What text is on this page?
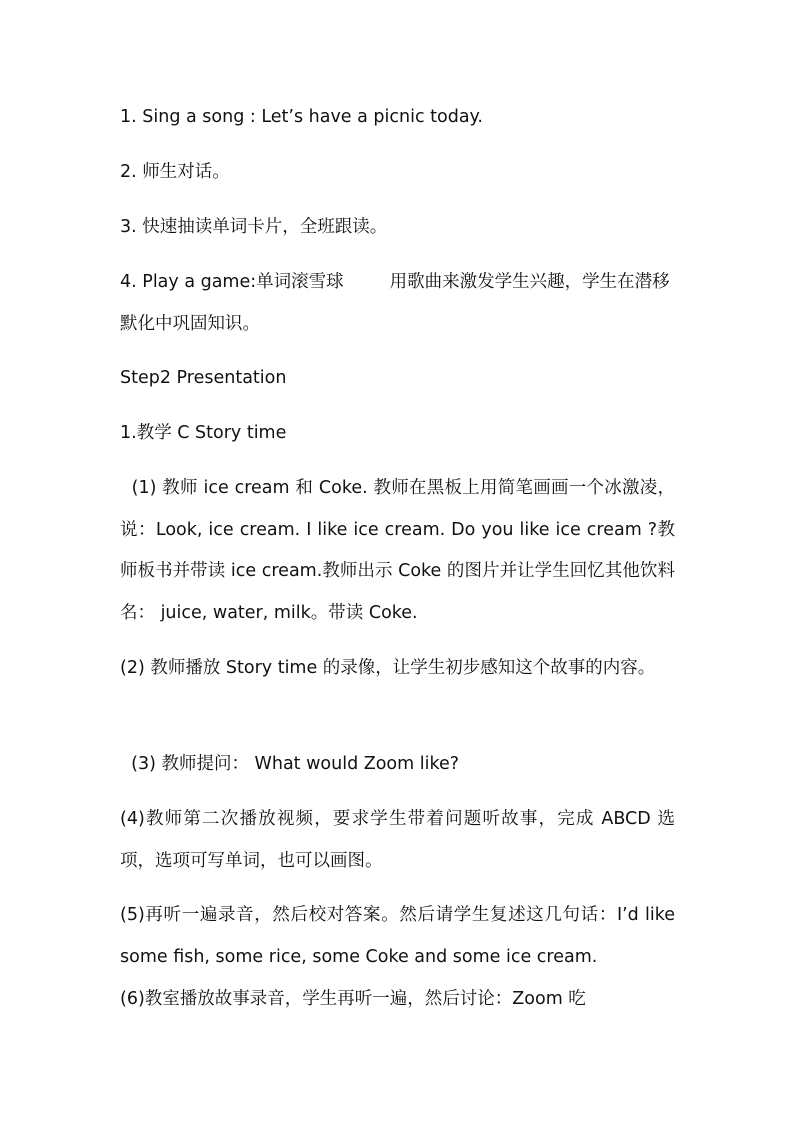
1. Sing a song : Let’s have a picnic today.

2. 师生对话。

3. 快速抽读单词卡片，全班跟读。

4. Play a game:单词滚雪球	用歌曲来激发学生兴趣，学生在潜移默化中巩固知识。

Step2 Presentation

1.教学 C Story time

(1) 教师 ice cream 和 Coke. 教师在黑板上用简笔画画一个冰激凌，说：Look, ice cream. I like ice cream. Do you like ice cream ?教师板书并带读 ice cream.教师出示 Coke 的图片并让学生回忆其他饮料名： juice, water, milk。带读 Coke.

(2) 教师播放 Story time 的录像，让学生初步感知这个故事的内容。

(3) 教师提问： What would Zoom like?

(4)教师第二次播放视频，要求学生带着问题听故事，完成 ABCD 选项，选项可写单词，也可以画图。

(5)再听一遍录音，然后校对答案。然后请学生复述这几句话：I’d like some fish, some rice, some Coke and some ice cream.

(6)教室播放故事录音，学生再听一遍，然后讨论：Zoom 吃
